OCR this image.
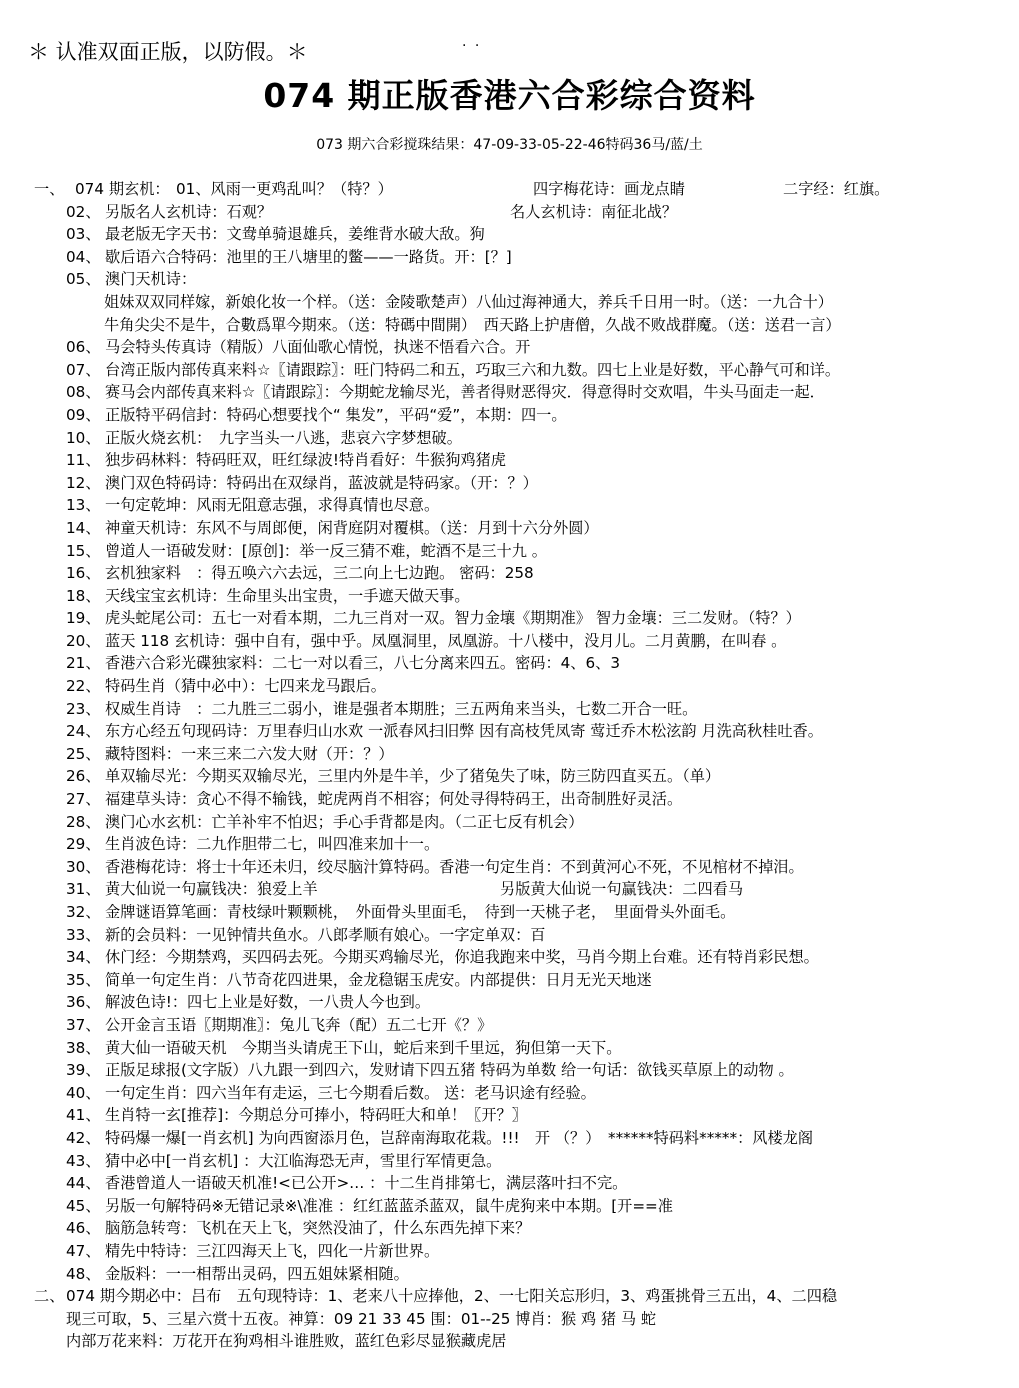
＊ 认准双面正版，以防假。＊	· ·
074 期正版香港六合彩综合资料
073 期六合彩搅珠结果：47-09-33-05-22-46特码36马/蓝/土
一、 074 期玄机： 01、风雨一更鸡乱叫？（特？）	四字梅花诗：画龙点睛	二字经：红旗。
02、 另版名人玄机诗：石观？	名人玄机诗：南征北战？
03、 最老版无字天书：文鸯单骑退雄兵，姜维背水破大敌。狗
04、 歇后语六合特码：池里的王八塘里的鳖——一路货。开：[？]
05、 澳门天机诗：
姐妹双双同样嫁，新娘化妆一个样。（送：金陵歌楚声）八仙过海神通大，养兵千日用一时。（送：一九合十）
牛角尖尖不是牛，合數爲單今期來。（送：特碼中間開）　西天路上护唐僧，久战不败战群魔。（送：送君一言）
06、 马会特头传真诗（精版）八面仙歌心情悦，执迷不悟看六合。开
07、 台湾正版内部传真来料☆〖请跟踪〗：旺门特码二和五，巧取三六和九数。四七上业是好数，平心静气可和详。
08、 赛马会内部传真来料☆〖请跟踪〗：今期蛇龙输尽光，善者得财恶得灾．得意得时交欢唱，牛头马面走一起．
09、 正版特平码信封：特码心想要找个“ 集发”，平码“爱”，本期：四一。
10、 正版火烧玄机：　九字当头一八逃，悲哀六字梦想破。
11、 独步码林料：特码旺双，旺红绿波!特肖看好：牛猴狗鸡猪虎
12、 澳门双色特码诗：特码出在双绿肖，蓝波就是特码家。（开：？）
13、 一句定乾坤：风雨无阻意志强，求得真情也尽意。
14、 神童天机诗：东风不与周郎便，闲背庭阴对覆棋。（送：月到十六分外圆）
15、 曾道人一语破发财：[原创]：举一反三猜不难，蛇酒不是三十九 。
16、 玄机独家料　：得五唤六六去远，三二向上七边跑。 密码：258
18、 天线宝宝玄机诗：生命里头出宝贵，一手遮天做天事。
19、 虎头蛇尾公司：五七一对看本期，二九三肖对一双。智力金壤《期期准》 智力金壤：三二发财。（特？）
20、 蓝天 118 玄机诗：强中自有，强中乎。凤凰洞里，凤凰游。十八楼中，没月儿。二月黄鹏，在叫春 。
21、 香港六合彩光碟独家料：二七一对以看三，八七分离来四五。密码：4、6、3
22、 特码生肖（猜中必中）：七四来龙马跟后。
23、 权威生肖诗　：二九胜三二弱小，谁是强者本期胜；三五两角来当头，七数二开合一旺。
24、 东方心经五句现码诗：万里春归山水欢 一派春风扫旧弊 因有高枝凭凤寄 莺迁乔木松泫韵 月洗高秋桂吐香。
25、 藏特图料：一来三来二六发大财（开：？）
26、 单双输尽光：今期买双输尽光，三里内外是牛羊，少了猪兔失了味，防三防四直买五。（单）
27、 福建草头诗：贪心不得不输钱，蛇虎两肖不相容；何处寻得特码王，出奇制胜好灵活。
28、 澳门心水玄机：亡羊补牢不怕迟；手心手背都是肉。（二正七反有机会）
29、 生肖波色诗：二九作胆带二七，叫四准来加十一。
30、 香港梅花诗：将士十年还未归，绞尽脑汁算特码。香港一句定生肖：不到黄河心不死，不见棺材不掉泪。
31、 黄大仙说一句赢钱决：狼爱上羊	另版黄大仙说一句赢钱决：二四看马
32、 金牌谜语算笔画：青枝绿叶颗颗桃，　外面骨头里面毛，　待到一天桃子老，　里面骨头外面毛。
33、 新的会员料：一见钟情共鱼水。八郎孝顺有娘心。一字定单双：百
34、 休门经：今期禁鸡，买四码去死。今期买鸡输尽光，你追我跑来中奖，马肖今期上台难。还有特肖彩民想。
35、 简单一句定生肖：八节奇花四进果，金龙稳锯玉虎安。内部提供：日月无光天地迷
36、 解波色诗!：四七上业是好数，一八贵人今也到。
37、 公开金言玉语〖期期准〗：兔儿飞奔（配）五二七开《？》
38、 黄大仙一语破天机　今期当头请虎王下山，蛇后来到千里远，狗但第一天下。
39、 正版足球报(文字版）八九跟一到四六，发财请下四五猪 特码为单数 给一句话：欲钱买草原上的动物 。
40、 一句定生肖：四六当年有走运，三七今期看后数。 送：老马识途有经验。
41、 生肖特一玄[推荐]：今期总分可捧小，特码旺大和单！〖开？〗
42、 特码爆一爆[一肖玄机] 为向西窗添月色，岂辞南海取花栽。!!!　开 （？）　******特码料*****：风楼龙阁
43、 猜中必中[一肖玄机] ：大江临海恐无声，雪里行军情更急。
44、 香港曾道人一语破天机准!<已公开>… ：十二生肖排第七，满层落叶扫不完。
45、 另版一句解特码※无错记录※\准准 ：红红蓝蓝杀蓝双，鼠牛虎狗来中本期。[开==准
46、 脑筋急转弯：飞机在天上飞，突然没油了，什么东西先掉下来？
47、 精先中特诗：三江四海天上飞，四化一片新世界。
48、 金版料：一一相帮出灵码，四五姐妹紧相随。
二、 074 期今期必中：吕布　五句现特诗：1、老来八十应捧他，2、一七阳关忘形归，3、鸡蛋挑骨三五出，4、二四稳
现三可取，5、三星六赏十五夜。神算：09 21 33 45 围：01--25 博肖：猴 鸡 猪 马 蛇
内部万花来料：万花开在狗鸡相斗谁胜败，蓝红色彩尽显猴藏虎居
